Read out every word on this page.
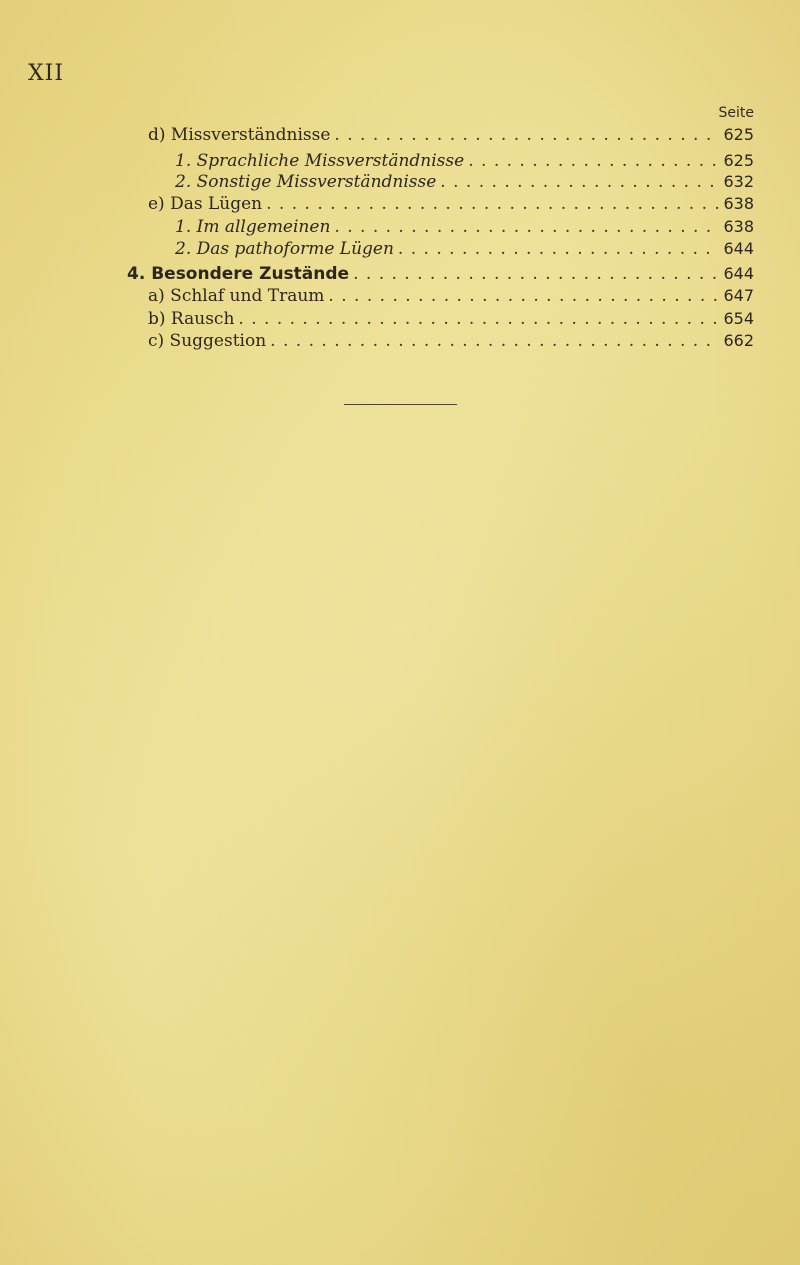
XII
Seite
d) Missverständnisse . . .	625
1. Sprachliche Missverständnisse . . .	625
2. Sonstige Missverständnisse . . .	632
e) Das Lügen . . .	638
1. Im allgemeinen . . .	638
2. Das pathoforme Lügen . . .	644
4. Besondere Zustände . . .	644
a) Schlaf und Traum . . .	647
b) Rausch . . .	654
c) Suggestion . . .	662
